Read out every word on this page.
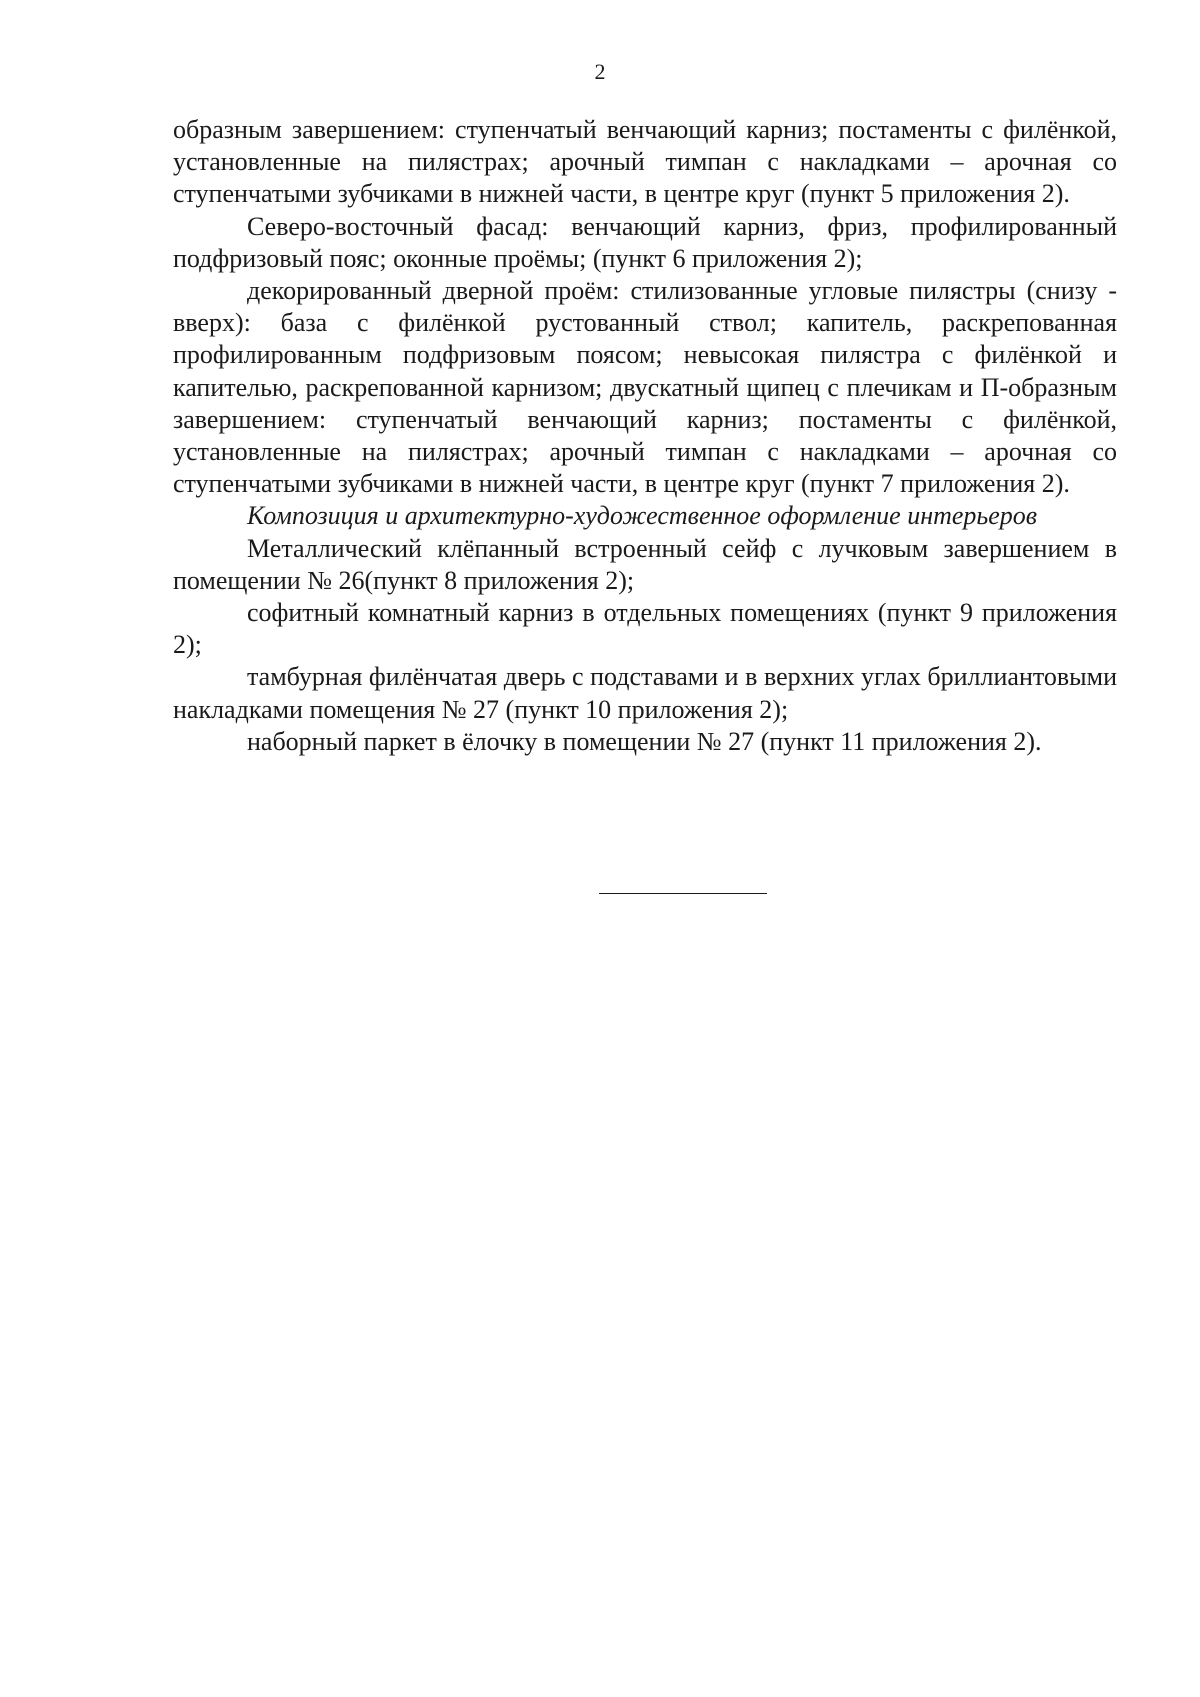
2

образным завершением: ступенчатый венчающий карниз; постаменты с филёнкой, установленные на пилястрах; арочный тимпан с накладками – арочная со ступенчатыми зубчиками в нижней части, в центре круг (пункт 5 приложения 2).

Северо-восточный фасад: венчающий карниз, фриз, профилированный подфризовый пояс; оконные проёмы; (пункт 6 приложения 2);

декорированный дверной проём: стилизованные угловые пилястры (снизу - вверх): база с филёнкой рустованный ствол; капитель, раскрепованная профилированным подфризовым поясом; невысокая пилястра с филёнкой и капителью, раскрепованной карнизом; двускатный щипец с плечикам и П-образным завершением: ступенчатый венчающий карниз; постаменты с филёнкой, установленные на пилястрах; арочный тимпан с накладками – арочная со ступенчатыми зубчиками в нижней части, в центре круг (пункт 7 приложения 2).

Композиция и архитектурно-художественное оформление интерьеров

Металлический клёпанный встроенный сейф с лучковым завершением в помещении № 26(пункт 8 приложения 2);

софитный комнатный карниз в отдельных помещениях (пункт 9 приложения 2);

тамбурная филёнчатая дверь с подставами и в верхних углах бриллиантовыми накладками помещения № 27 (пункт 10 приложения 2);

наборный паркет в ёлочку в помещении № 27 (пункт 11 приложения 2).
